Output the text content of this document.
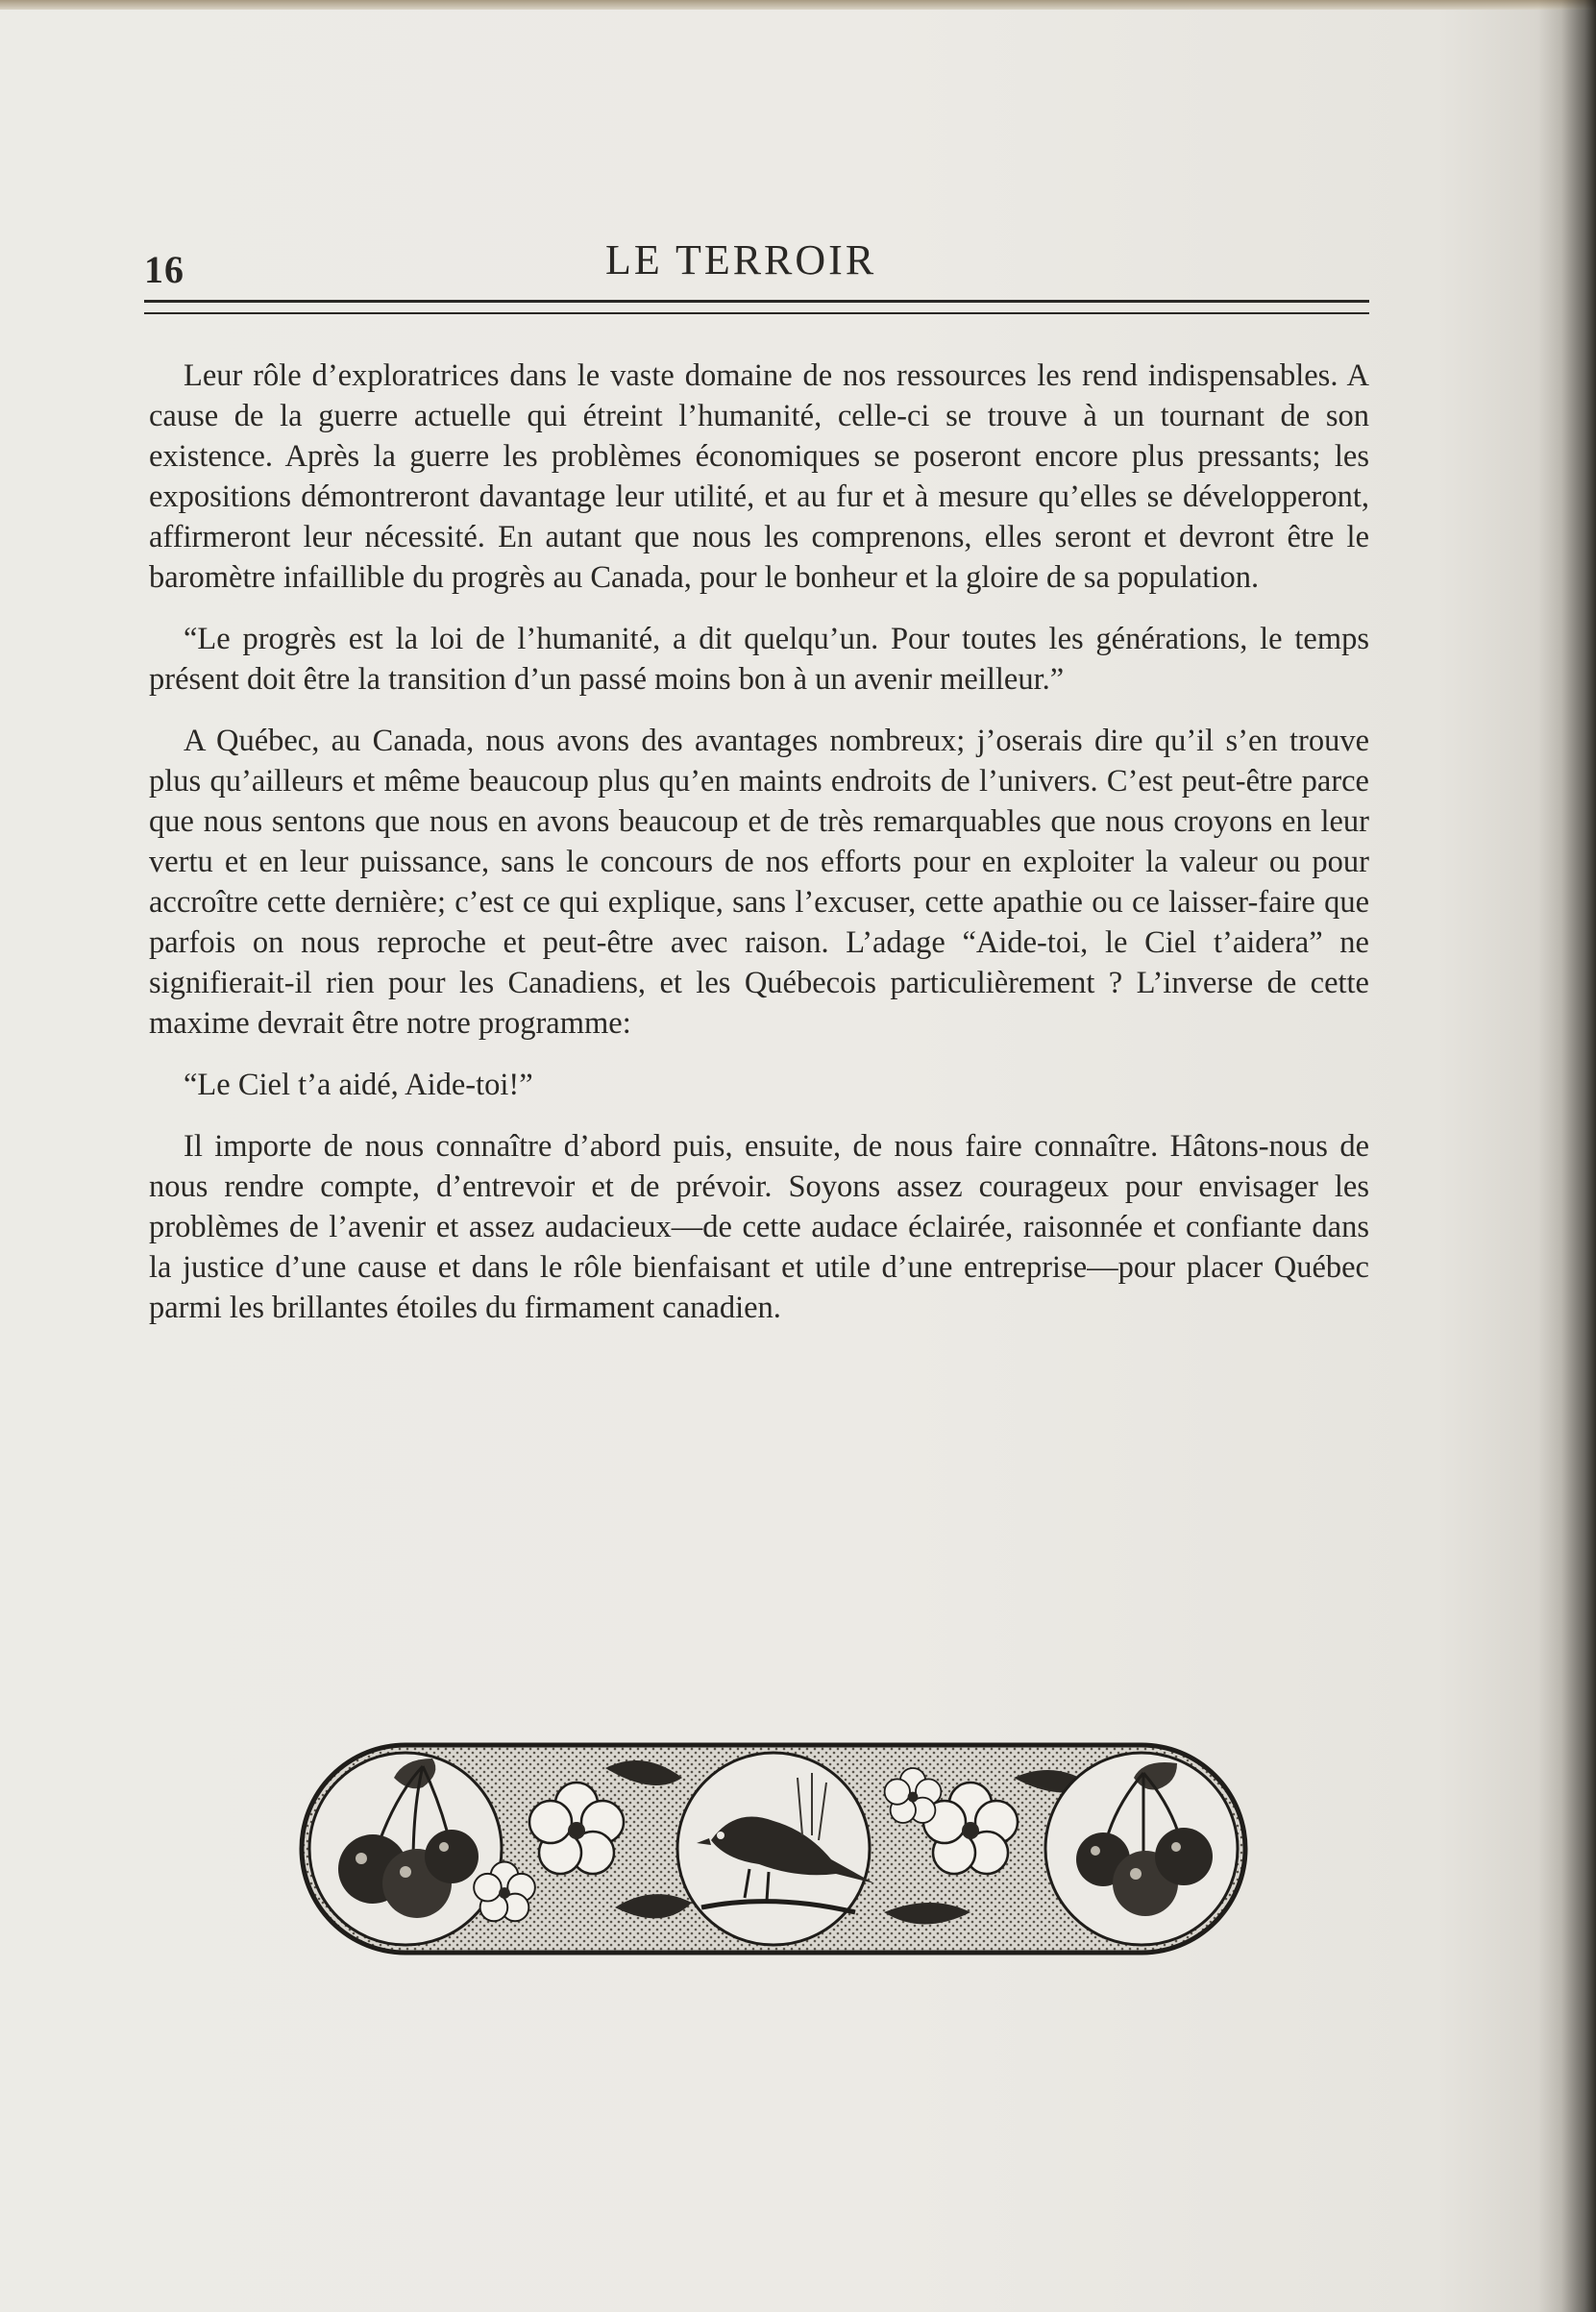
16	LE TERROIR

Leur rôle d’exploratrices dans le vaste domaine de nos ressources les rend indispensables. A cause de la guerre actuelle qui étreint l’humanité, celle-ci se trouve à un tournant de son existence. Après la guerre les problèmes économiques se poseront encore plus pressants; les expositions démontreront davantage leur utilité, et au fur et à mesure qu’elles se développeront, affirmeront leur nécessité. En autant que nous les comprenons, elles seront et devront être le baromètre infaillible du progrès au Canada, pour le bonheur et la gloire de sa population.

“Le progrès est la loi de l’humanité, a dit quelqu’un. Pour toutes les générations, le temps présent doit être la transition d’un passé moins bon à un avenir meilleur.”

A Québec, au Canada, nous avons des avantages nombreux; j’oserais dire qu’il s’en trouve plus qu’ailleurs et même beaucoup plus qu’en maints endroits de l’univers. C’est peut-être parce que nous sentons que nous en avons beaucoup et de très remarquables que nous croyons en leur vertu et en leur puissance, sans le concours de nos efforts pour en exploiter la valeur ou pour accroître cette dernière; c’est ce qui explique, sans l’excuser, cette apathie ou ce laisser-faire que parfois on nous reproche et peut-être avec raison. L’adage “Aide-toi, le Ciel t’aidera” ne signifierait-il rien pour les Canadiens, et les Québecois particulièrement ? L’inverse de cette maxime devrait être notre programme:

“Le Ciel t’a aidé, Aide-toi!”

Il importe de nous connaître d’abord puis, ensuite, de nous faire connaître. Hâtons-nous de nous rendre compte, d’entrevoir et de prévoir. Soyons assez courageux pour envisager les problèmes de l’avenir et assez audacieux—de cette audace éclairée, raisonnée et confiante dans la justice d’une cause et dans le rôle bienfaisant et utile d’une entreprise—pour placer Québec parmi les brillantes étoiles du firmament canadien.
